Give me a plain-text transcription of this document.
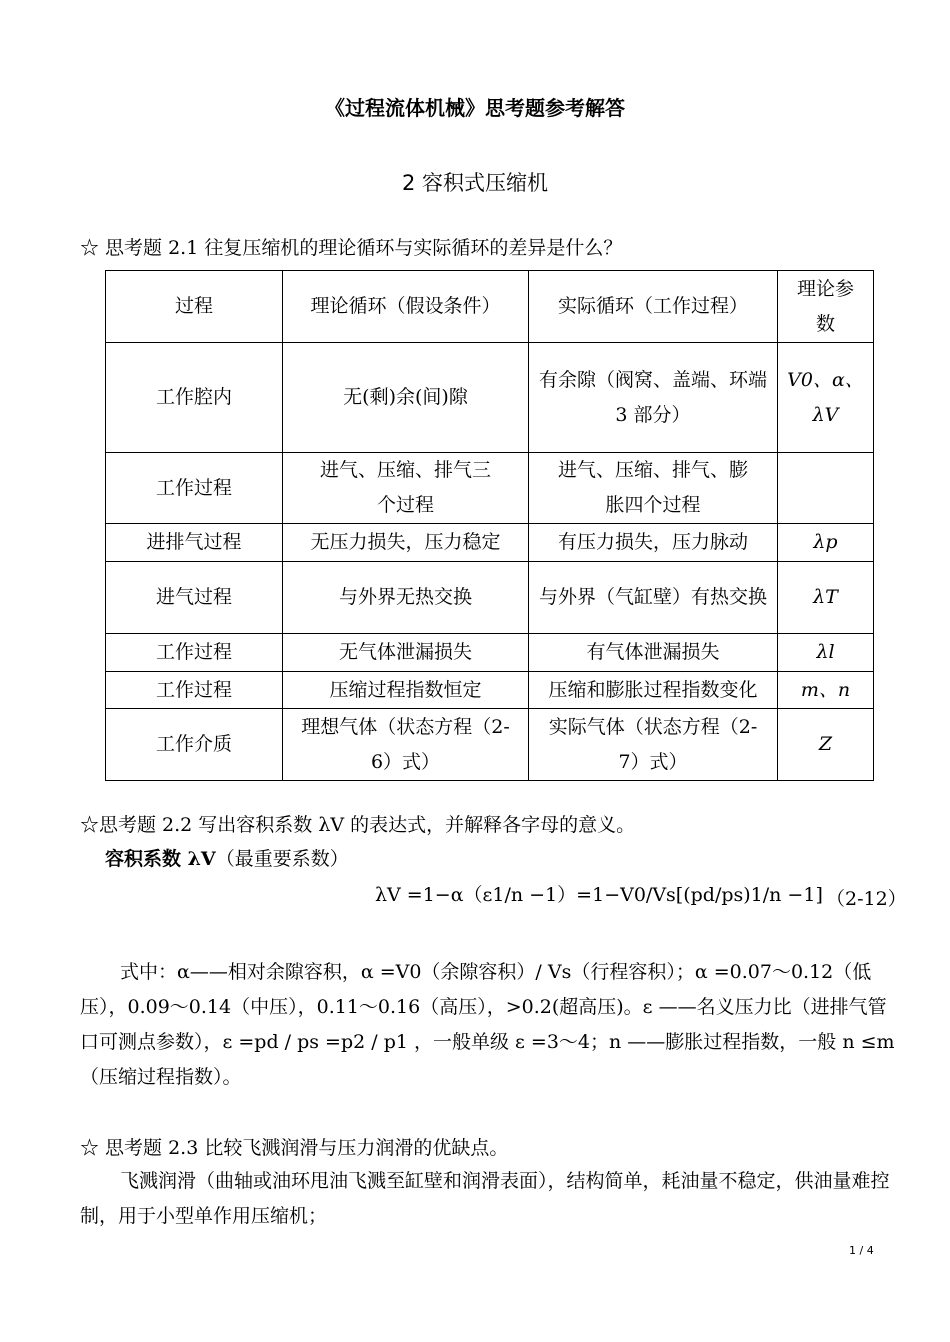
《过程流体机械》思考题参考解答
2 容积式压缩机
☆ 思考题 2.1 往复压缩机的理论循环与实际循环的差异是什么？
过程	理论循环（假设条件）	实际循环（工作过程）	理论参数
工作腔内	无(剩)余(间)隙	有余隙（阀窝、盖端、环端 3 部分）	V0、α、λV
工作过程	进气、压缩、排气三个过程	进气、压缩、排气、膨胀四个过程	
进排气过程	无压力损失，压力稳定	有压力损失，压力脉动	λp
进气过程	与外界无热交换	与外界（气缸壁）有热交换	λT
工作过程	无气体泄漏损失	有气体泄漏损失	λl
工作过程	压缩过程指数恒定	压缩和膨胀过程指数变化	m、n
工作介质	理想气体（状态方程（2-6）式）	实际气体（状态方程（2-7）式）	Z
☆思考题 2.2 写出容积系数 λV 的表达式，并解释各字母的意义。
容积系数 λV（最重要系数）
λV =1−α（ε1/n −1）=1−V0/Vs[(pd/ps)1/n −1] （2-12）
式中：α——相对余隙容积，α =V0（余隙容积）/ Vs（行程容积）；α =0.07～0.12（低压），0.09～0.14（中压），0.11～0.16（高压），>0.2(超高压)。ε ——名义压力比（进排气管口可测点参数），ε =pd / ps =p2 / p1 ，一般单级 ε =3～4；n ——膨胀过程指数，一般 n ≤m（压缩过程指数）。
☆ 思考题 2.3 比较飞溅润滑与压力润滑的优缺点。
飞溅润滑（曲轴或油环甩油飞溅至缸壁和润滑表面），结构简单，耗油量不稳定，供油量难控制，用于小型单作用压缩机；
1 / 4
